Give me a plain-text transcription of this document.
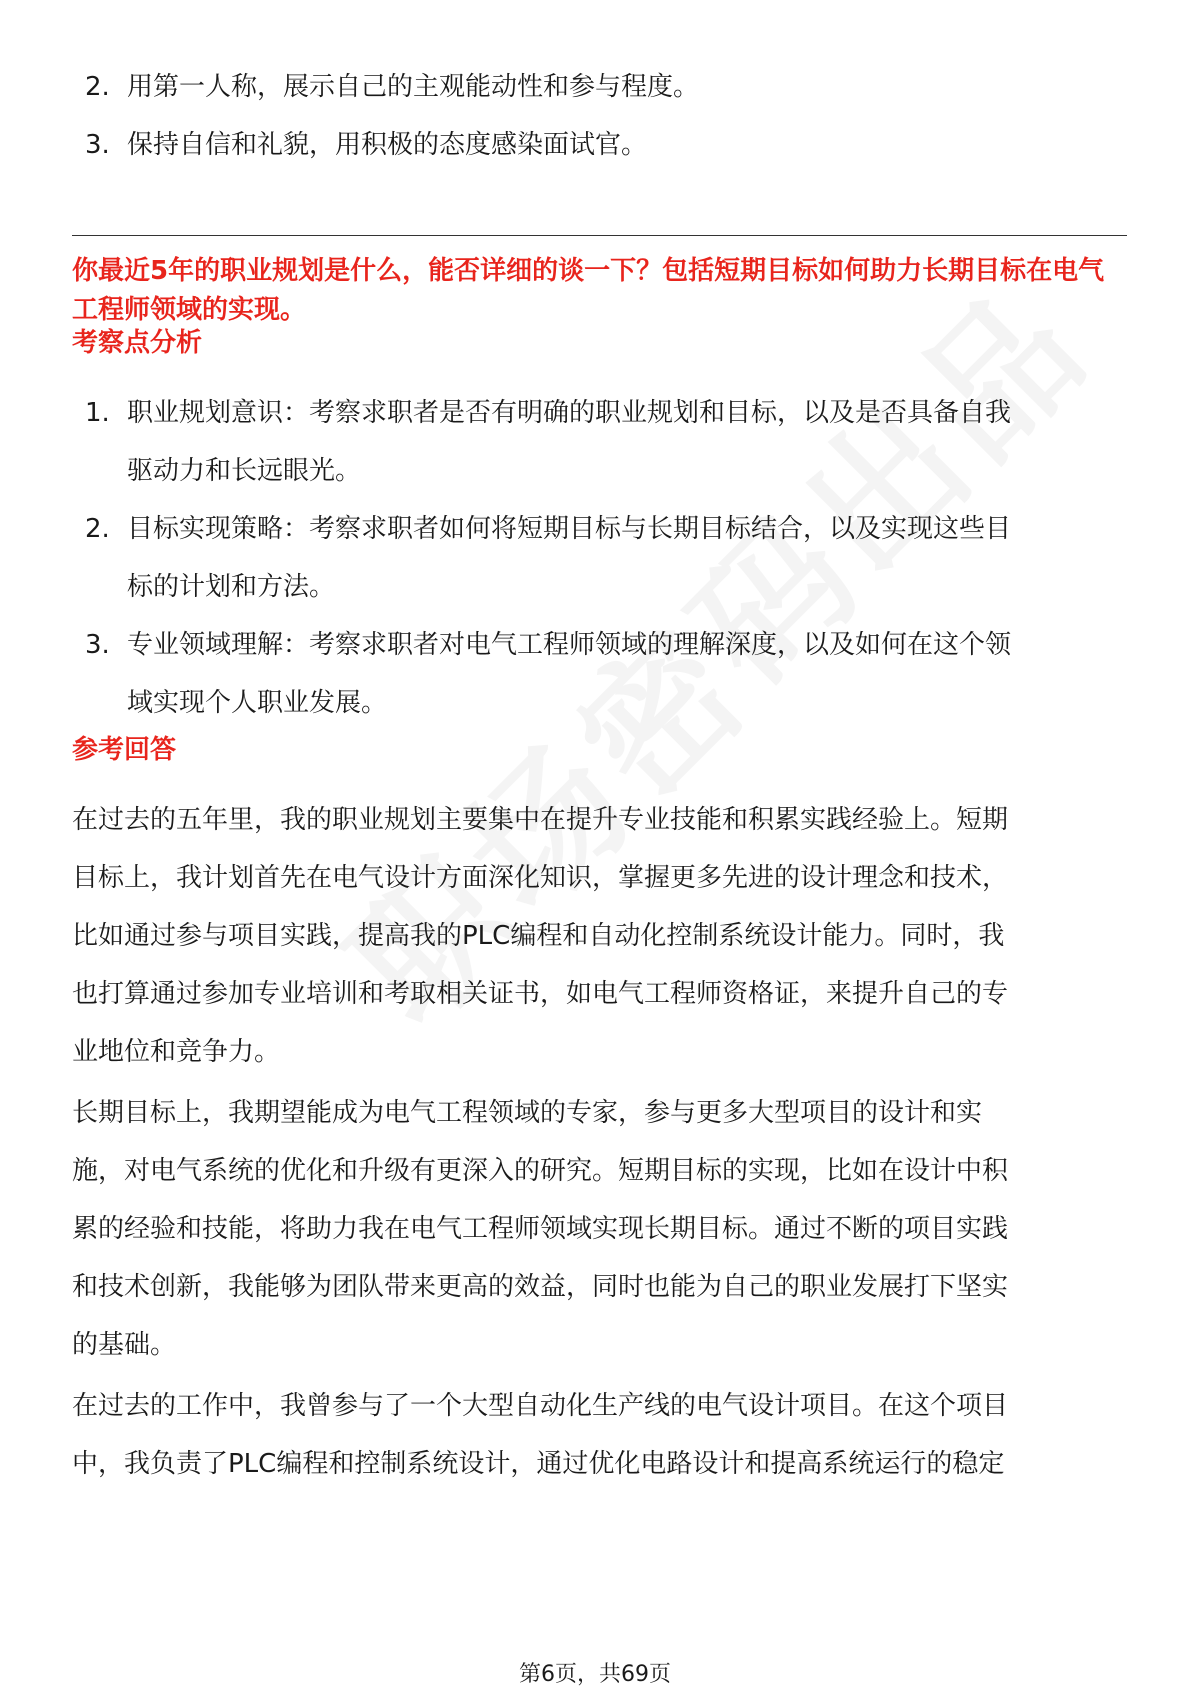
2. 用第一人称，展示自己的主观能动性和参与程度。
3. 保持自信和礼貌，用积极的态度感染面试官。
你最近5年的职业规划是什么，能否详细的谈一下？包括短期目标如何助力长期目标在电气工程师领域的实现。
考察点分析
1. 职业规划意识：考察求职者是否有明确的职业规划和目标，以及是否具备自我
驱动力和长远眼光。
2. 目标实现策略：考察求职者如何将短期目标与长期目标结合，以及实现这些目
标的计划和方法。
3. 专业领域理解：考察求职者对电气工程师领域的理解深度，以及如何在这个领
域实现个人职业发展。
参考回答
在过去的五年里，我的职业规划主要集中在提升专业技能和积累实践经验上。短期
目标上，我计划首先在电气设计方面深化知识，掌握更多先进的设计理念和技术，
比如通过参与项目实践，提高我的PLC编程和自动化控制系统设计能力。同时，我
也打算通过参加专业培训和考取相关证书，如电气工程师资格证，来提升自己的专
业地位和竞争力。
长期目标上，我期望能成为电气工程领域的专家，参与更多大型项目的设计和实
施，对电气系统的优化和升级有更深入的研究。短期目标的实现，比如在设计中积
累的经验和技能，将助力我在电气工程师领域实现长期目标。通过不断的项目实践
和技术创新，我能够为团队带来更高的效益，同时也能为自己的职业发展打下坚实
的基础。
在过去的工作中，我曾参与了一个大型自动化生产线的电气设计项目。在这个项目
中，我负责了PLC编程和控制系统设计，通过优化电路设计和提高系统运行的稳定
第6页，共69页
